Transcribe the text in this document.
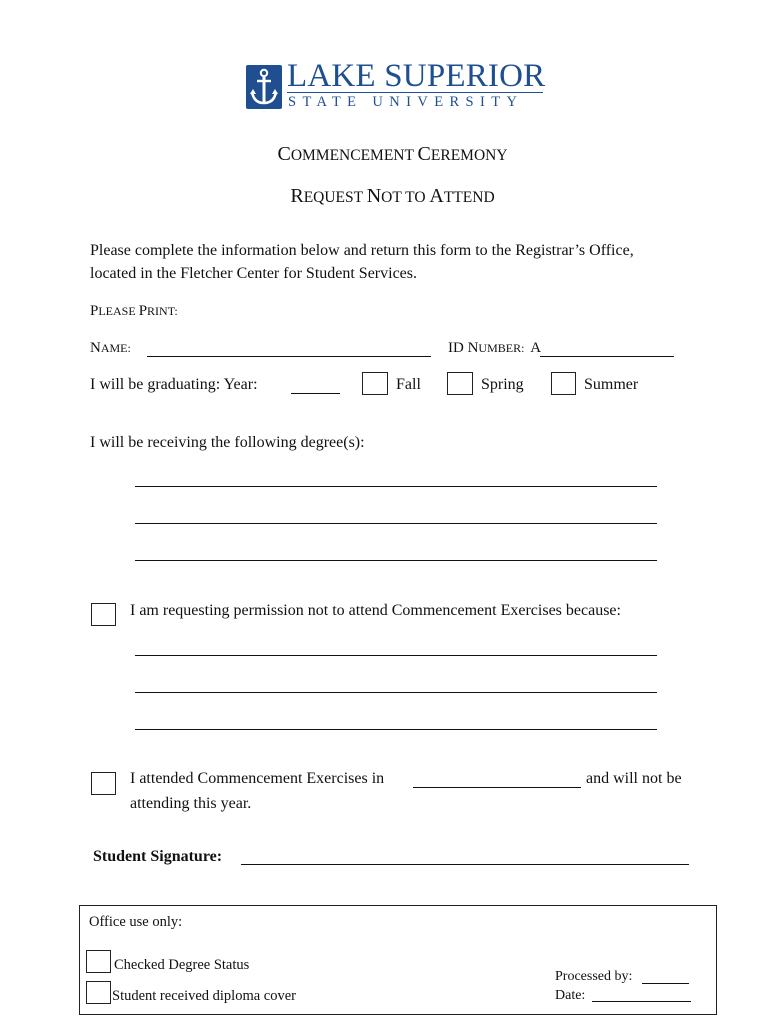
LAKE SUPERIOR
STATE UNIVERSITY
COMMENCEMENT CEREMONY
REQUEST NOT TO ATTEND
Please complete the information below and return this form to the Registrar’s Office,
located in the Fletcher Center for Student Services.
PLEASE PRINT:
NAME:	ID NUMBER: A
I will be graduating: Year:	Fall	Spring	Summer
I will be receiving the following degree(s):
I am requesting permission not to attend Commencement Exercises because:
I attended Commencement Exercises in	and will not be
attending this year.
Student Signature:
Office use only:
Checked Degree Status
Student received diploma cover
Processed by:
Date:
